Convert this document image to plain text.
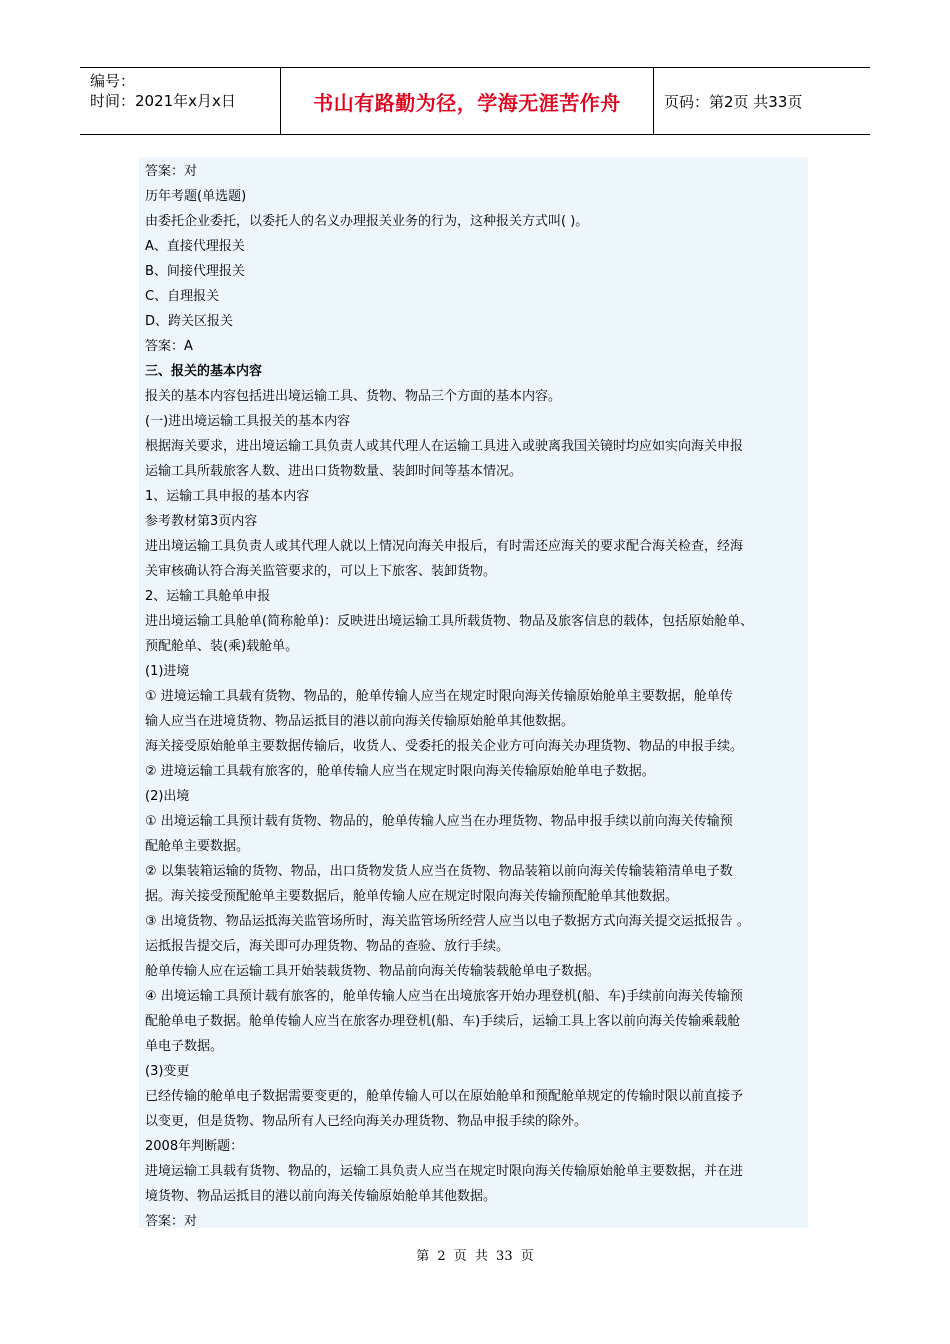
编号：
时间：2021年x月x日	书山有路勤为径，学海无涯苦作舟	页码：第2页 共33页
答案：对
历年考题(单选题)
由委托企业委托，以委托人的名义办理报关业务的行为，这种报关方式叫( )。
A、直接代理报关
B、间接代理报关
C、自理报关
D、跨关区报关
答案：A
三、报关的基本内容
报关的基本内容包括进出境运输工具、货物、物品三个方面的基本内容。
(一)进出境运输工具报关的基本内容
根据海关要求，进出境运输工具负责人或其代理人在运输工具进入或驶离我国关镜时均应如实向海关申报
运输工具所载旅客人数、进出口货物数量、装卸时间等基本情况。
1、运输工具申报的基本内容
参考教材第3页内容
进出境运输工具负责人或其代理人就以上情况向海关申报后，有时需还应海关的要求配合海关检查，经海
关审核确认符合海关监管要求的，可以上下旅客、装卸货物。
2、运输工具舱单申报
进出境运输工具舱单(简称舱单)：反映进出境运输工具所载货物、物品及旅客信息的载体，包括原始舱单、
预配舱单、装(乘)载舱单。
(1)进境
① 进境运输工具载有货物、物品的，舱单传输人应当在规定时限向海关传输原始舱单主要数据，舱单传
输人应当在进境货物、物品运抵目的港以前向海关传输原始舱单其他数据。
海关接受原始舱单主要数据传输后，收货人、受委托的报关企业方可向海关办理货物、物品的申报手续。
② 进境运输工具载有旅客的，舱单传输人应当在规定时限向海关传输原始舱单电子数据。
(2)出境
① 出境运输工具预计载有货物、物品的，舱单传输人应当在办理货物、物品申报手续以前向海关传输预
配舱单主要数据。
② 以集装箱运输的货物、物品，出口货物发货人应当在货物、物品装箱以前向海关传输装箱清单电子数
据。海关接受预配舱单主要数据后，舱单传输人应在规定时限向海关传输预配舱单其他数据。
③ 出境货物、物品运抵海关监管场所时，海关监管场所经营人应当以电子数据方式向海关提交运抵报告 。
运抵报告提交后，海关即可办理货物、物品的查验、放行手续。
舱单传输人应在运输工具开始装载货物、物品前向海关传输装载舱单电子数据。
④ 出境运输工具预计载有旅客的，舱单传输人应当在出境旅客开始办理登机(船、车)手续前向海关传输预
配舱单电子数据。舱单传输人应当在旅客办理登机(船、车)手续后，运输工具上客以前向海关传输乘载舱
单电子数据。
(3)变更
已经传输的舱单电子数据需要变更的，舱单传输人可以在原始舱单和预配舱单规定的传输时限以前直接予
以变更，但是货物、物品所有人已经向海关办理货物、物品申报手续的除外。
2008年判断题：
进境运输工具载有货物、物品的，运输工具负责人应当在规定时限向海关传输原始舱单主要数据，并在进
境货物、物品运抵目的港以前向海关传输原始舱单其他数据。
答案：对
第 2 页 共 33 页
